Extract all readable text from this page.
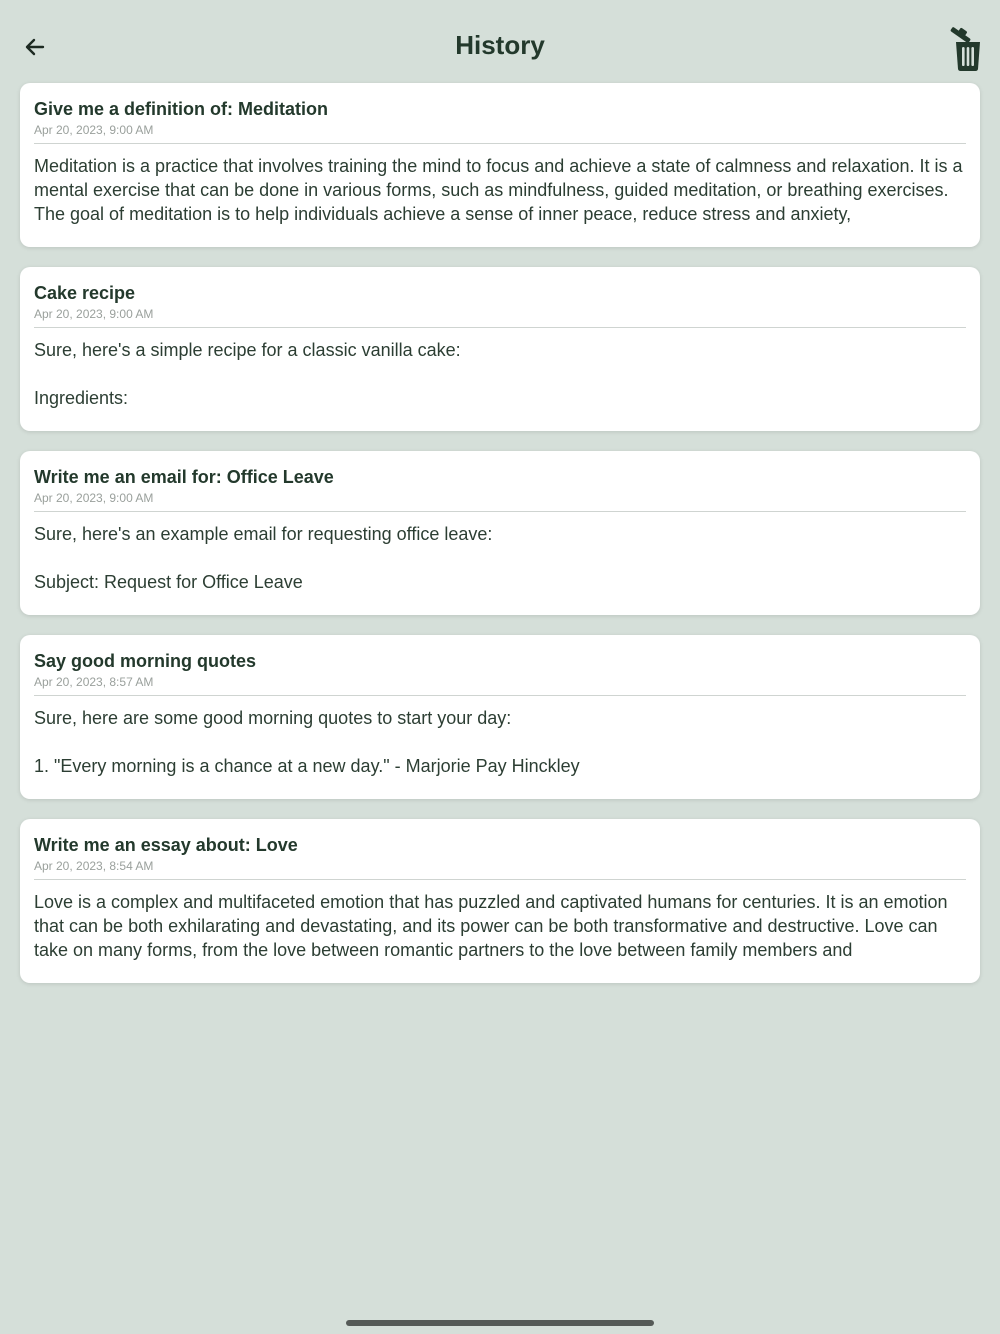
History
Give me a definition of: Meditation
Apr 20, 2023, 9:00 AM
Meditation is a practice that involves training the mind to focus and achieve a state of calmness and relaxation. It is a mental exercise that can be done in various forms, such as mindfulness, guided meditation, or breathing exercises. The goal of meditation is to help individuals achieve a sense of inner peace, reduce stress and anxiety,
Cake recipe
Apr 20, 2023, 9:00 AM
Sure, here's a simple recipe for a classic vanilla cake:

Ingredients:
Write me an email for: Office Leave
Apr 20, 2023, 9:00 AM
Sure, here's an example email for requesting office leave:

Subject: Request for Office Leave
Say good morning quotes
Apr 20, 2023, 8:57 AM
Sure, here are some good morning quotes to start your day:

1. "Every morning is a chance at a new day." - Marjorie Pay Hinckley
Write me an essay about: Love
Apr 20, 2023, 8:54 AM
Love is a complex and multifaceted emotion that has puzzled and captivated humans for centuries. It is an emotion that can be both exhilarating and devastating, and its power can be both transformative and destructive. Love can take on many forms, from the love between romantic partners to the love between family members and
